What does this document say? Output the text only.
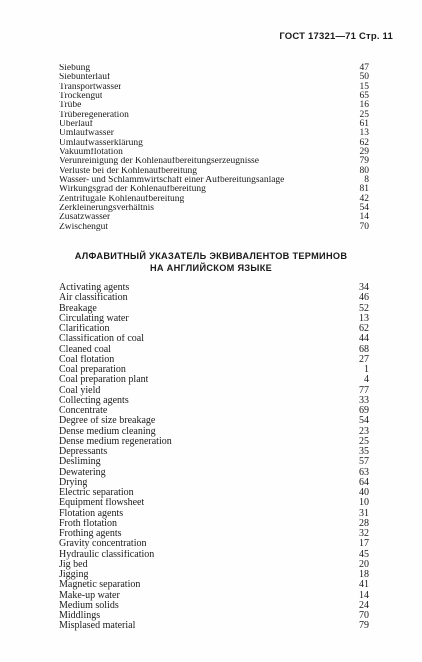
ГОСТ 17321—71 Стр. 11
Siebung	47
Siebunterlauf	50
Transportwasser	15
Trockengut	65
Trübe	16
Trüberegeneration	25
Überlauf	61
Umlaufwasser	13
Umlaufwasserklärung	62
Vakuumflotation	29
Verunreinigung der Kohlenaufbereitungserzeugnisse	79
Verluste bei der Kohlenaufbereitung	80
Wasser- und Schlammwirtschaft einer Aufbereitungsanlage	8
Wirkungsgrad der Kohlenaufbereitung	81
Zentrifugale Kohlenaufbereitung	42
Zerkleinerungsverhältnis	54
Zusatzwasser	14
Zwischengut	70
АЛФАВИТНЫЙ УКАЗАТЕЛЬ ЭКВИВАЛЕНТОВ ТЕРМИНОВ
НА АНГЛИЙСКОМ ЯЗЫКЕ
Activating agents	34
Air classification	46
Breakage	52
Circulating water	13
Clarification	62
Classification of coal	44
Cleaned coal	68
Coal flotation	27
Coal preparation	1
Coal preparation plant	4
Coal yield	77
Collecting agents	33
Concentrate	69
Degree of size breakage	54
Dense medium cleaning	23
Dense medium regeneration	25
Depressants	35
Desliming	57
Dewatering	63
Drying	64
Electric separation	40
Equipment flowsheet	10
Flotation agents	31
Froth flotation	28
Frothing agents	32
Gravity concentration	17
Hydraulic classification	45
Jig bed	20
Jigging	18
Magnetic separation	41
Make-up water	14
Medium solids	24
Middlings	70
Misplased material	79
